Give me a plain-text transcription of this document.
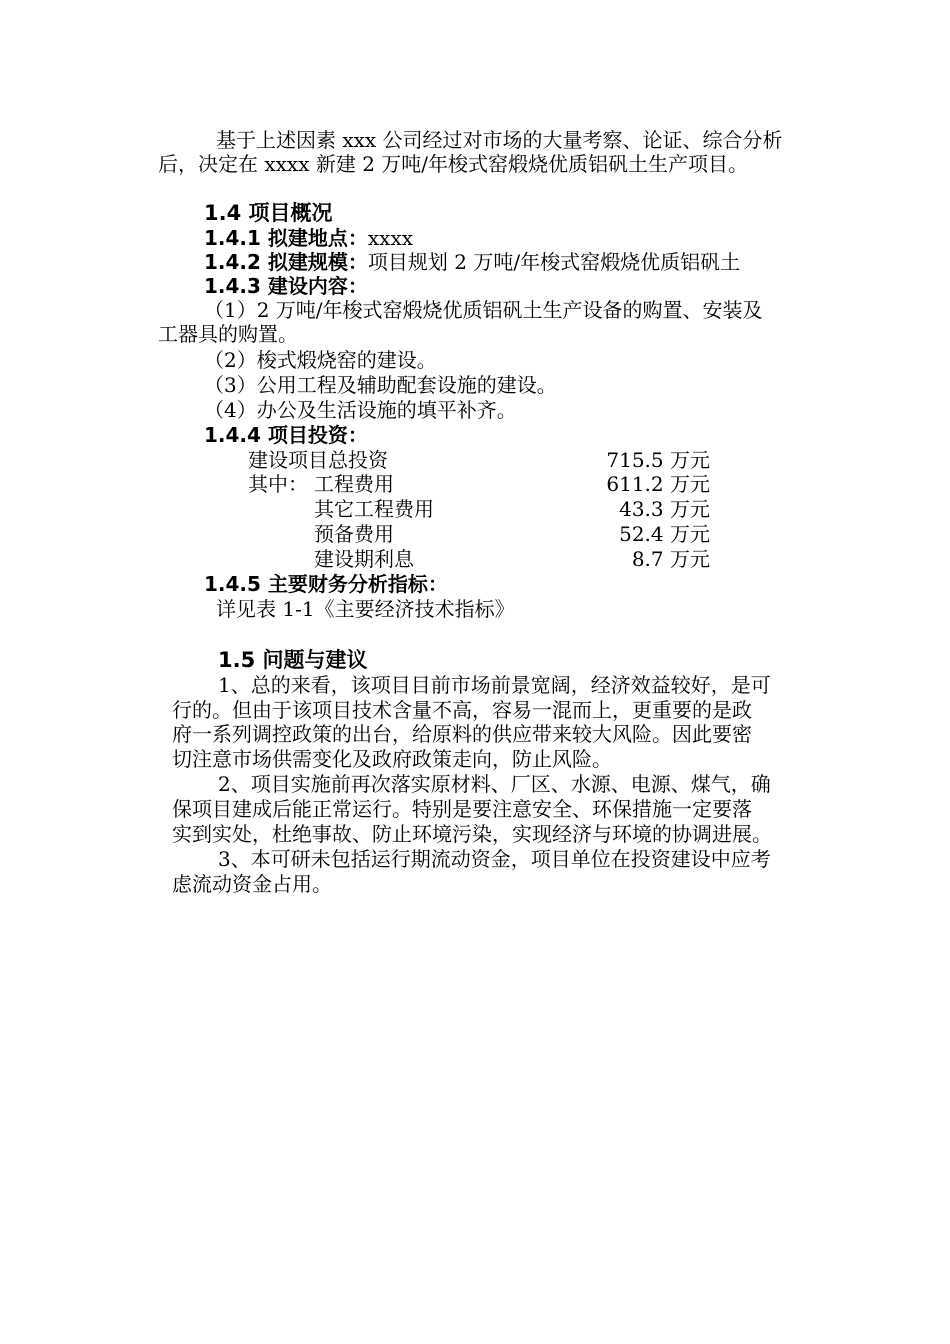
基于上述因素 xxx 公司经过对市场的大量考察、论证、综合分析
后，决定在 xxxx 新建 2 万吨/年梭式窑煅烧优质铝矾土生产项目。
1.4 项目概况
1.4.1 拟建地点：xxxx
1.4.2 拟建规模：项目规划 2 万吨/年梭式窑煅烧优质铝矾土
1.4.3 建设内容：
（1）2 万吨/年梭式窑煅烧优质铝矾土生产设备的购置、安装及
工器具的购置。
（2）梭式煅烧窑的建设。
（3）公用工程及辅助配套设施的建设。
（4）办公及生活设施的填平补齐。
1.4.4 项目投资：
建设项目总投资	715.5 万元
其中： 工程费用	611.2 万元
其它工程费用	43.3 万元
预备费用	52.4 万元
建设期利息	8.7 万元
1.4.5 主要财务分析指标：
详见表 1-1《主要经济技术指标》
1.5 问题与建议
1、总的来看，该项目目前市场前景宽阔，经济效益较好，是可
行的。但由于该项目技术含量不高，容易一混而上，更重要的是政
府一系列调控政策的出台，给原料的供应带来较大风险。因此要密
切注意市场供需变化及政府政策走向，防止风险。
2、项目实施前再次落实原材料、厂区、水源、电源、煤气，确
保项目建成后能正常运行。特别是要注意安全、环保措施一定要落
实到实处，杜绝事故、防止环境污染，实现经济与环境的协调进展。
3、本可研未包括运行期流动资金，项目单位在投资建设中应考
虑流动资金占用。
